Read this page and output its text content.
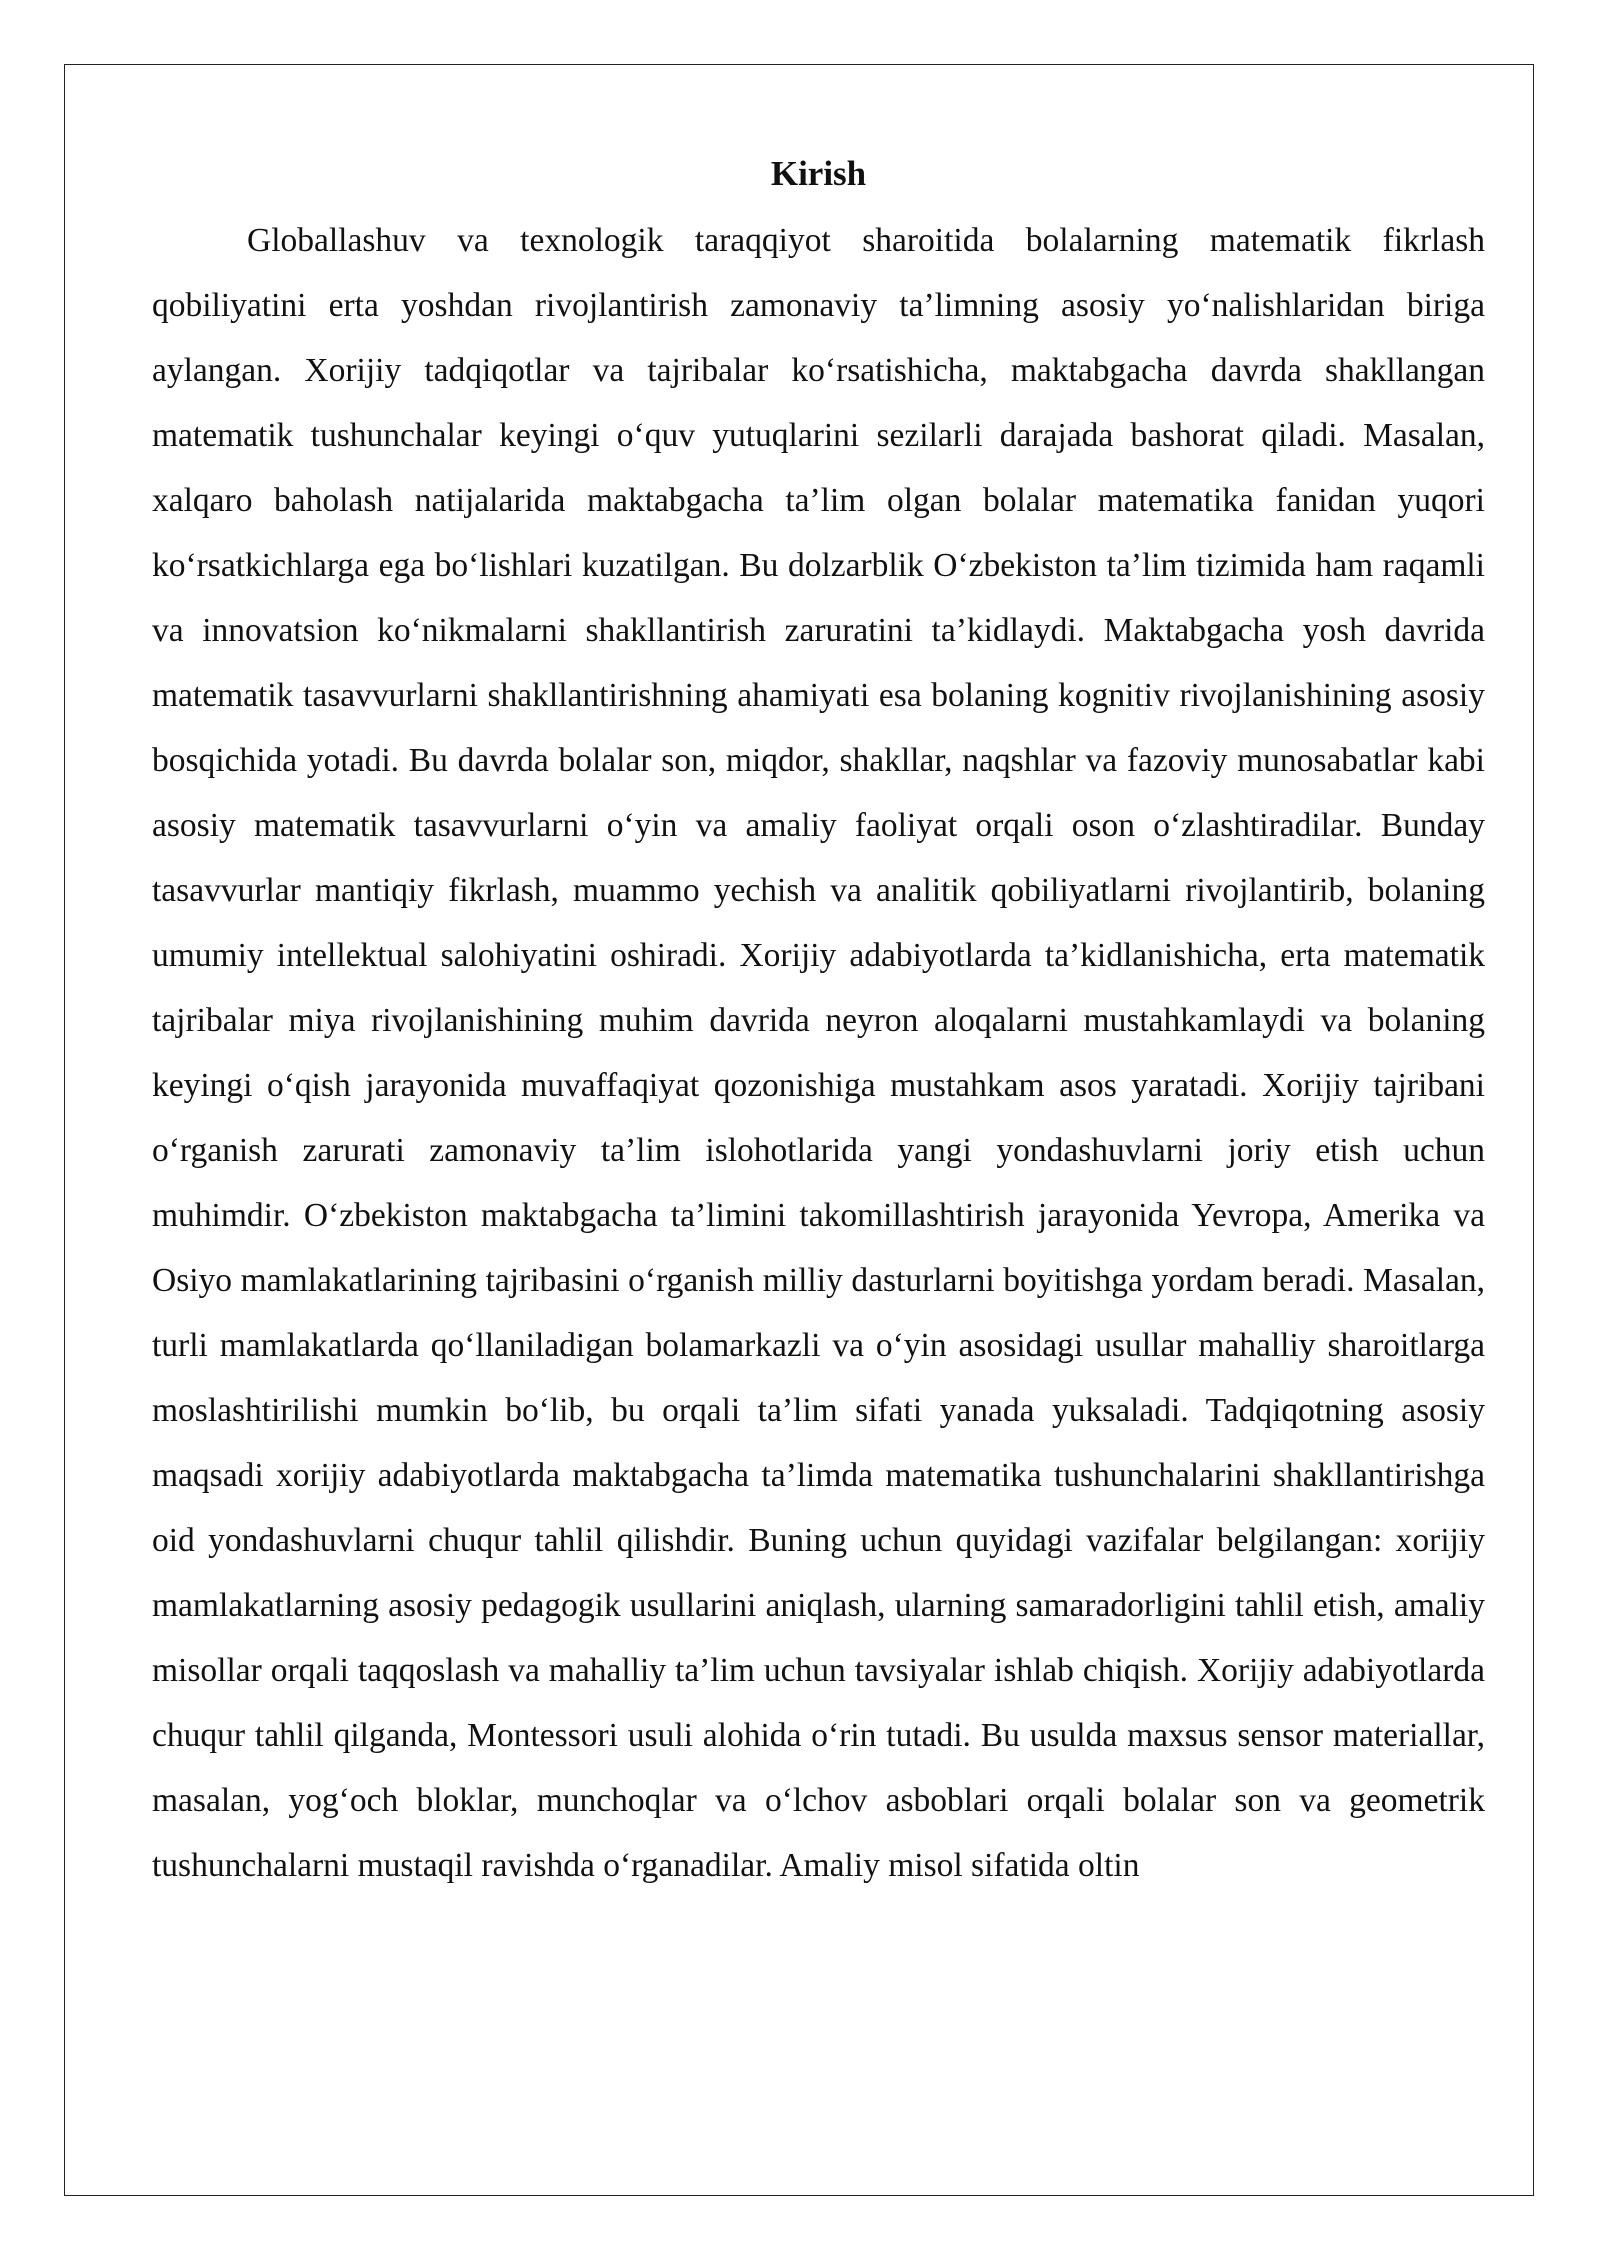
Kirish

Globallashuv va texnologik taraqqiyot sharoitida bolalarning matematik fikrlash qobiliyatini erta yoshdan rivojlantirish zamonaviy ta’limning asosiy yo‘nalishlaridan biriga aylangan. Xorijiy tadqiqotlar va tajribalar ko‘rsatishicha, maktabgacha davrda shakllangan matematik tushunchalar keyingi o‘quv yutuqlarini sezilarli darajada bashorat qiladi. Masalan, xalqaro baholash natijalarida maktabgacha ta’lim olgan bolalar matematika fanidan yuqori ko‘rsatkichlarga ega bo‘lishlari kuzatilgan. Bu dolzarblik O‘zbekiston ta’lim tizimida ham raqamli va innovatsion ko‘nikmalarni shakllantirish zaruratini ta’kidlaydi. Maktabgacha yosh davrida matematik tasavvurlarni shakllantirishning ahamiyati esa bolaning kognitiv rivojlanishining asosiy bosqichida yotadi. Bu davrda bolalar son, miqdor, shakllar, naqshlar va fazoviy munosabatlar kabi asosiy matematik tasavvurlarni o‘yin va amaliy faoliyat orqali oson o‘zlashtiradilar. Bunday tasavvurlar mantiqiy fikrlash, muammo yechish va analitik qobiliyatlarni rivojlantirib, bolaning umumiy intellektual salohiyatini oshiradi. Xorijiy adabiyotlarda ta’kidlanishicha, erta matematik tajribalar miya rivojlanishining muhim davrida neyron aloqalarni mustahkamlaydi va bolaning keyingi o‘qish jarayonida muvaffaqiyat qozonishiga mustahkam asos yaratadi. Xorijiy tajribani o‘rganish zarurati zamonaviy ta’lim islohotlarida yangi yondashuvlarni joriy etish uchun muhimdir. O‘zbekiston maktabgacha ta’limini takomillashtirish jarayonida Yevropa, Amerika va Osiyo mamlakatlarining tajribasini o‘rganish milliy dasturlarni boyitishga yordam beradi. Masalan, turli mamlakatlarda qo‘llaniladigan bolamarkazli va o‘yin asosidagi usullar mahalliy sharoitlarga moslashtirilishi mumkin bo‘lib, bu orqali ta’lim sifati yanada yuksaladi. Tadqiqotning asosiy maqsadi xorijiy adabiyotlarda maktabgacha ta’limda matematika tushunchalarini shakllantirishga oid yondashuvlarni chuqur tahlil qilishdir. Buning uchun quyidagi vazifalar belgilangan: xorijiy mamlakatlarning asosiy pedagogik usullarini aniqlash, ularning samaradorligini tahlil etish, amaliy misollar orqali taqqoslash va mahalliy ta’lim uchun tavsiyalar ishlab chiqish. Xorijiy adabiyotlarda chuqur tahlil qilganda, Montessori usuli alohida o‘rin tutadi. Bu usulda maxsus sensor materiallar, masalan, yog‘och bloklar, munchoqlar va o‘lchov asboblari orqali bolalar son va geometrik tushunchalarni mustaqil ravishda o‘rganadilar. Amaliy misol sifatida oltin
